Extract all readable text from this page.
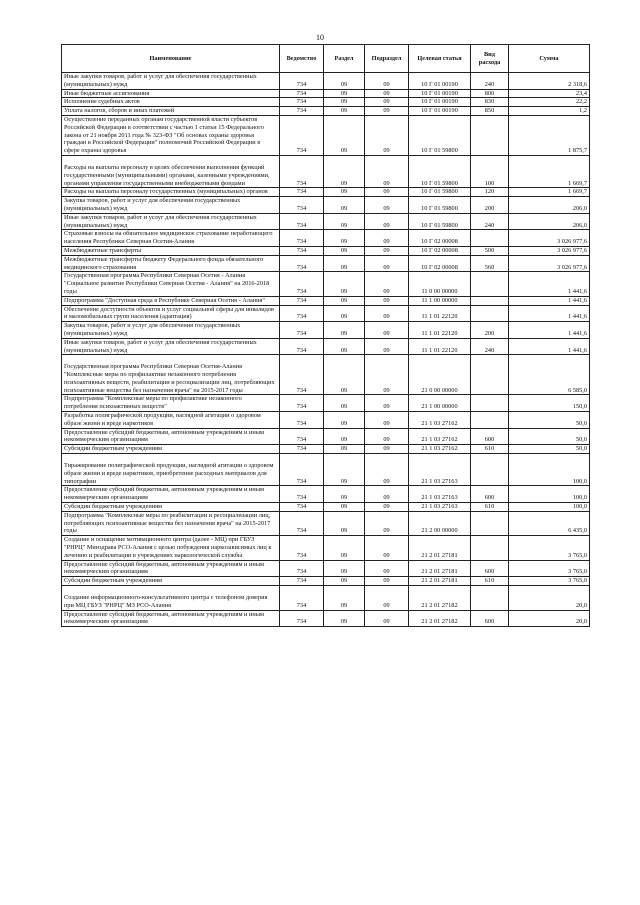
10
Наименование	Ведомство	Раздел	Подраздел	Целевая статья	Вид расхода	Сумма
Иные закупки товаров, работ и услуг для обеспечения государственных (муниципальных) нужд	734	09	09	10 Г 01 00190	240	2 318,6
Иные бюджетные ассигнования	734	09	09	10 Г 01 00190	800	23,4
Исполнение судебных актов	734	09	09	10 Г 01 00190	830	22,2
Уплата налогов, сборов и иных платежей	734	09	09	10 Г 01 00190	850	1,2
Осуществление переданных органам государственной власти субъектов Российской Федерации в соответствии с частью 1 статьи 15 Федерального закона от 21 ноября 2011 года № 323-ФЗ "Об основах охраны здоровья граждан в Российской Федерации" полномочий Российской Федерации в сфере охраны здоровья	734	09	09	10 Г 01 59800		1 875,7
Расходы на выплаты персоналу в целях обеспечения выполнения функций государственными (муниципальными) органами, казенными учреждениями, органами управления государственными внебюджетными фондами	734	09	09	10 Г 01 59800	100	1 669,7
Расходы на выплаты персоналу государственных (муниципальных) органов	734	09	09	10 Г 01 59800	120	1 669,7
Закупка товаров, работ и услуг для обеспечения государственных (муниципальных) нужд	734	09	09	10 Г 01 59800	200	206,0
Иные закупки товаров, работ и услуг для обеспечения государственных (муниципальных) нужд	734	09	09	10 Г 01 59800	240	206,0
Страховые взносы на обязательное медицинское страхование неработающего населения Республики Северная Осетия-Алания	734	09	09	10 Г 02 00008		3 026 977,6
Межбюджетные трансферты	734	09	09	10 Г 02 00008	500	3 026 977,6
Межбюджетные трансферты бюджету Федерального фонда обязательного медицинского страхования	734	09	09	10 Г 02 00008	560	3 026 977,6
Государственная программа Республики Северная Осетия - Алания "Социальное развитие Республики Северная Осетия - Алания" на 2016-2018 годы	734	09	09	11 0 00 00000		1 441,6
Подпрограмма "Доступная среда в Республике Северная Осетия - Алания"	734	09	09	11 1 00 00000		1 441,6
Обеспечение доступности объектов и услуг социальной сферы для инвалидов и маломобильных групп населения (адаптация)	734	09	09	11 1 01 22120		1 441,6
Закупка товаров, работ и услуг для обеспечения государственных (муниципальных) нужд	734	09	09	11 1 01 22120	200	1 441,6
Иные закупки товаров, работ и услуг для обеспечения государственных (муниципальных) нужд	734	09	09	11 1 01 22120	240	1 441,6
Государственная программа Республики Северная Осетия-Алания "Комплексные меры по профилактике незаконного потребления психоактивных веществ, реабилитации и ресоциализации лиц, потребляющих психоактивные вещества без назначения врача" на 2015-2017 годы	734	09	09	21 0 00 00000		6 585,0
Подпрограмма "Комплексные меры по профилактике незаконного потребления психоактивных веществ"	734	09	09	21 1 00 00000		150,0
Разработка полиграфической продукции, наглядной агитации о здоровом образе жизни и вреде наркотиков	734	09	09	21 1 03 27162		50,0
Предоставление субсидий бюджетным, автономным учреждениям и иным некоммерческим организациям	734	09	09	21 1 03 27162	600	50,0
Субсидии бюджетным учреждениям	734	09	09	21 1 03 27162	610	50,0
Тиражирование полиграфической продукции, наглядной агитации о здоровом образе жизни и вреде наркотиков, приобретение расходных материалов для типографии	734	09	09	21 1 03 27163		100,0
Предоставление субсидий бюджетным, автономным учреждениям и иным некоммерческим организациям	734	09	09	21 1 03 27163	600	100,0
Субсидии бюджетным учреждениям	734	09	09	21 1 03 27163	610	100,0
Подпрограмма "Комплексные меры по реабилитации и ресоциализации лиц, потребляющих психоактивные вещества без назначения врача" на 2015-2017 годы	734	09	09	21 2 00 00000		6 435,0
Создание и оснащение мотивационного центра (далее - МЦ) при ГБУЗ "РНРЦ" Минздрава РСО-Алания с целью побуждения наркозависимых лиц к лечению и реабилитации в учреждениях наркологической службы	734	09	09	21 2 01 27181		3 765,0
Предоставление субсидий бюджетным, автономным учреждениям и иным некоммерческим организациям	734	09	09	21 2 01 27181	600	3 765,0
Субсидии бюджетным учреждениям	734	09	09	21 2 01 27181	610	3 765,0
Создание информационного-консультативного центра с телефоном доверия при МЦ ГБУЗ "РНРЦ" МЗ РСО-Алания	734	09	09	21 2 01 27182		20,0
Предоставление субсидий бюджетным, автономным учреждениям и иным некоммерческим организациям	734	09	09	21 2 01 27182	600	20,0
